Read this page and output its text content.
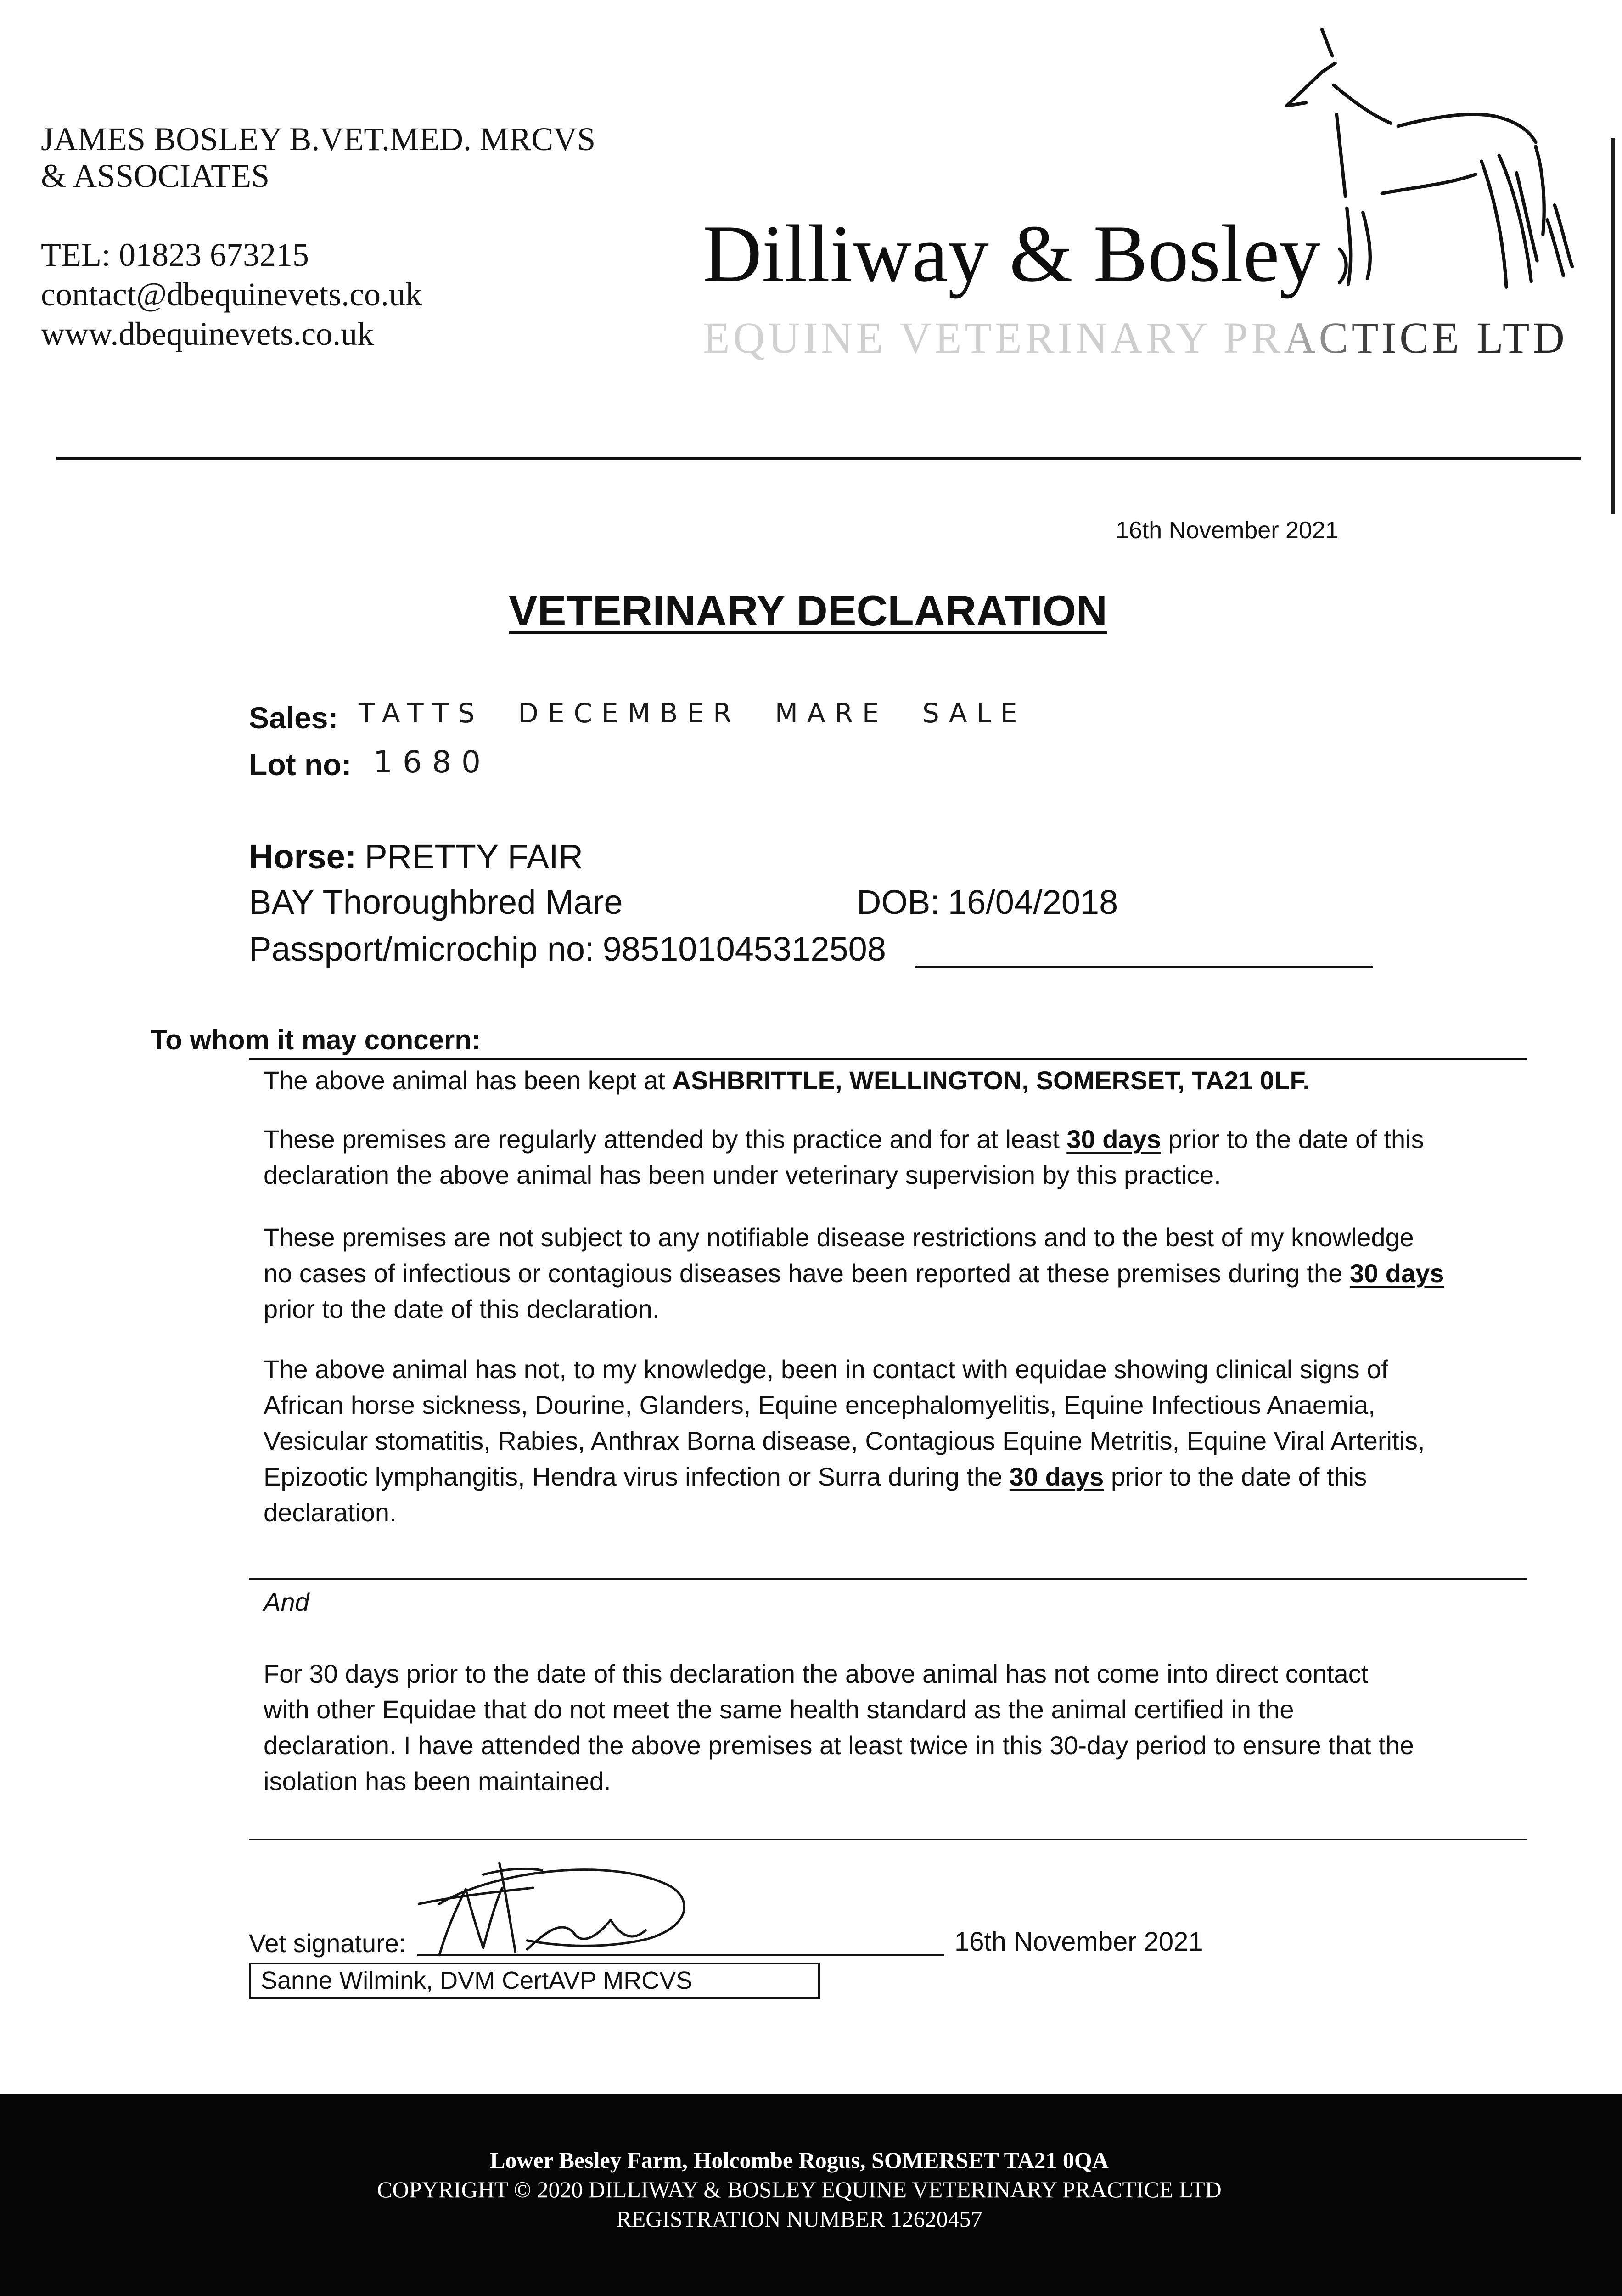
JAMES BOSLEY B.VET.MED. MRCVS
& ASSOCIATES
TEL: 01823 673215
contact@dbequinevets.co.uk
www.dbequinevets.co.uk
Dilliway & Bosley
EQUINE VETERINARY PRACTICE LTD
16th November 2021
VETERINARY DECLARATION
Sales: TATTS DECEMBER MARE SALE
Lot no: 1680
Horse: PRETTY FAIR
BAY Thoroughbred Mare	DOB: 16/04/2018
Passport/microchip no: 985101045312508
To whom it may concern:
The above animal has been kept at ASHBRITTLE, WELLINGTON, SOMERSET, TA21 0LF.
These premises are regularly attended by this practice and for at least 30 days prior to the date of this
declaration the above animal has been under veterinary supervision by this practice.
These premises are not subject to any notifiable disease restrictions and to the best of my knowledge
no cases of infectious or contagious diseases have been reported at these premises during the 30 days
prior to the date of this declaration.
The above animal has not, to my knowledge, been in contact with equidae showing clinical signs of
African horse sickness, Dourine, Glanders, Equine encephalomyelitis, Equine Infectious Anaemia,
Vesicular stomatitis, Rabies, Anthrax Borna disease, Contagious Equine Metritis, Equine Viral Arteritis,
Epizootic lymphangitis, Hendra virus infection or Surra during the 30 days prior to the date of this
declaration.
And
For 30 days prior to the date of this declaration the above animal has not come into direct contact
with other Equidae that do not meet the same health standard as the animal certified in the
declaration. I have attended the above premises at least twice in this 30-day period to ensure that the
isolation has been maintained.
Vet signature:	16th November 2021
Sanne Wilmink, DVM CertAVP MRCVS
Lower Besley Farm, Holcombe Rogus, SOMERSET TA21 0QA
COPYRIGHT © 2020 DILLIWAY & BOSLEY EQUINE VETERINARY PRACTICE LTD
REGISTRATION NUMBER 12620457
